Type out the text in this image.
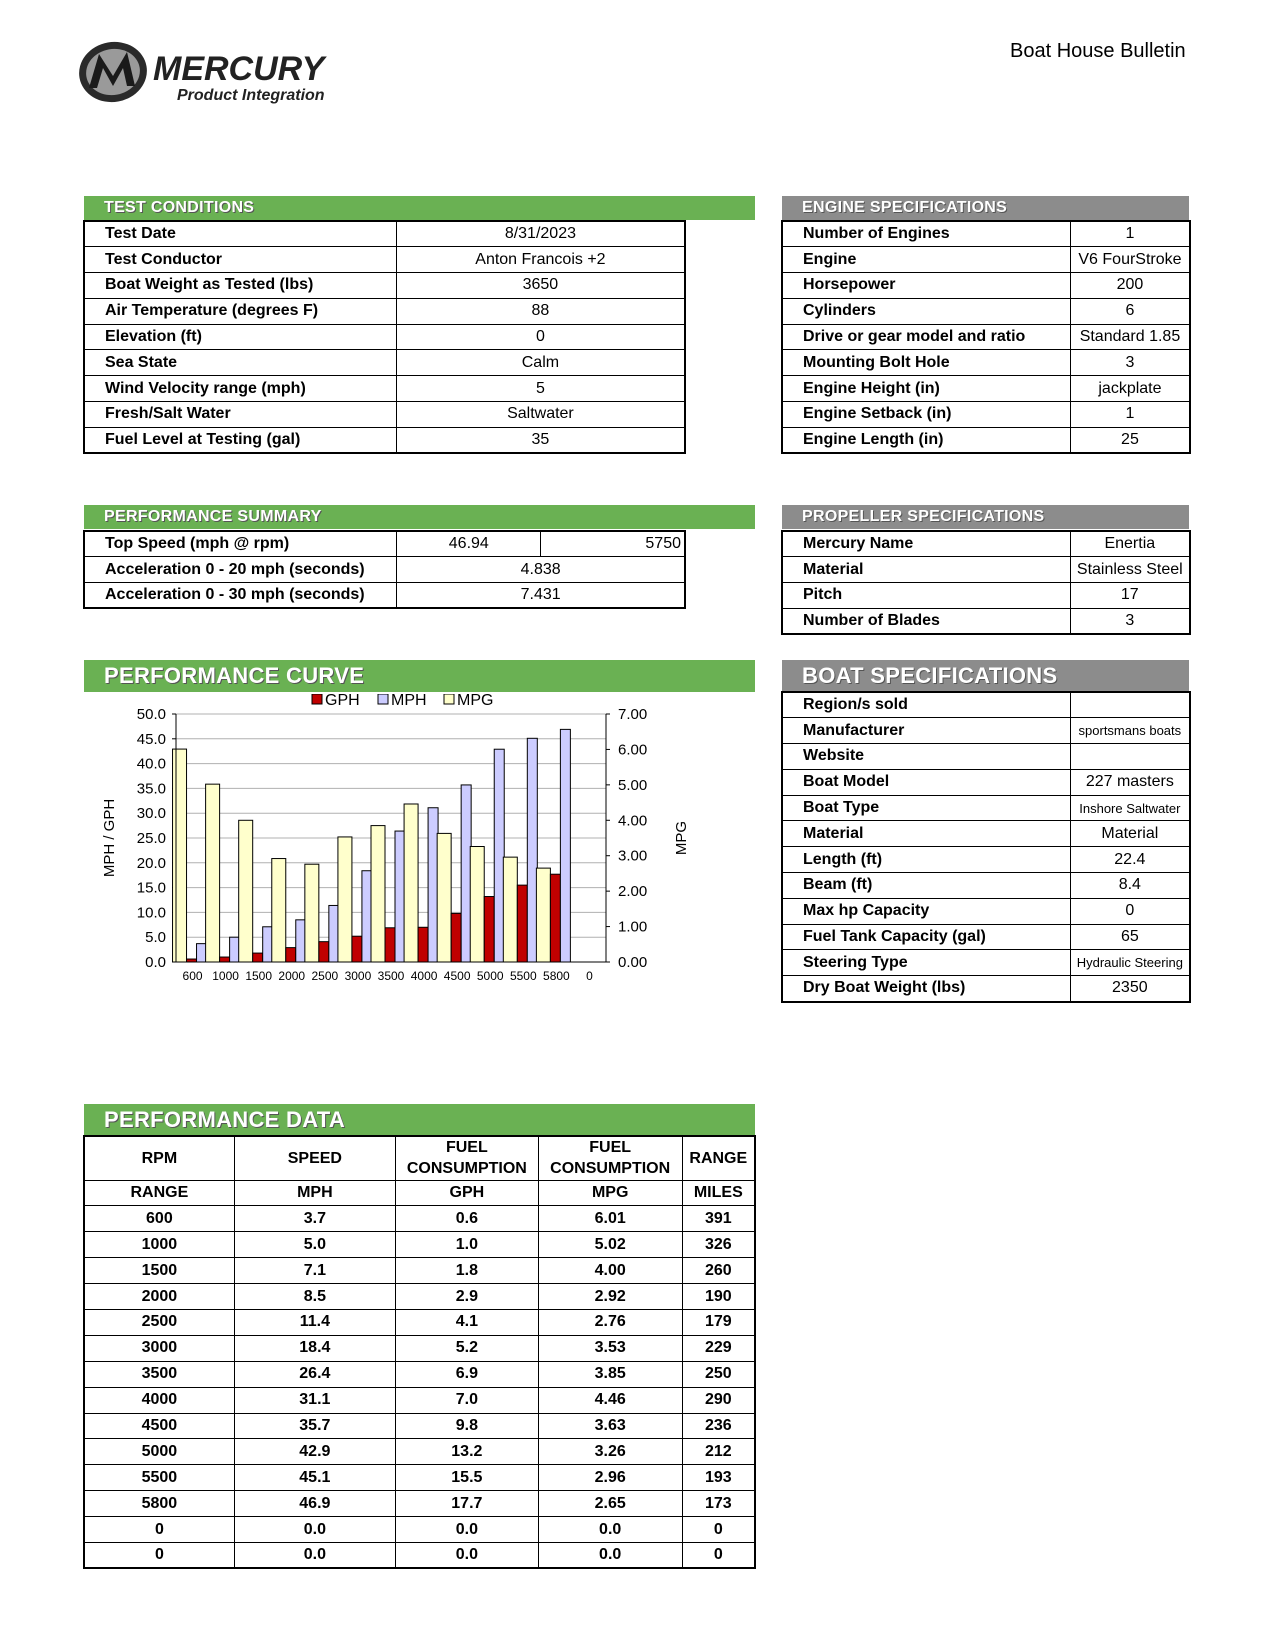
MERCURY
Product Integration
Boat House Bulletin
TEST CONDITIONS
Test Date	8/31/2023
Test Conductor	Anton Francois +2
Boat Weight as Tested (lbs)	3650
Air Temperature (degrees F)	88
Elevation (ft)	0
Sea State	Calm
Wind Velocity range (mph)	5
Fresh/Salt Water	Saltwater
Fuel Level at Testing (gal)	35
ENGINE SPECIFICATIONS
Number of Engines	1
Engine	V6 FourStroke
Horsepower	200
Cylinders	6
Drive or gear model and ratio	Standard 1.85
Mounting Bolt Hole	3
Engine Height (in)	jackplate
Engine Setback (in)	1
Engine Length (in)	25
PERFORMANCE SUMMARY
Top Speed (mph @ rpm)	46.94	5750
Acceleration 0 - 20 mph (seconds)	4.838	
Acceleration 0 - 30 mph (seconds)	7.431	
PROPELLER SPECIFICATIONS
Mercury Name	Enertia
Material	Stainless Steel
Pitch	17
Number of Blades	3
PERFORMANCE CURVE
50.0
45.0
40.0
35.0
30.0
25.0
20.0
15.0
10.0
5.0
0.0
7.00
6.00
5.00
4.00
3.00
2.00
1.00
0.00
600 1000 1500 2000 2500 3000 3500 4000 4500 5000 5500 5800 0
MPH / GPH	MPG
GPH MPH MPG
BOAT SPECIFICATIONS
Region/s sold	
Manufacturer	sportsmans boats
Website	
Boat Model	227 masters
Boat Type	Inshore Saltwater
Material	Material
Length (ft)	22.4
Beam (ft)	8.4
Max hp Capacity	0
Fuel Tank Capacity (gal)	65
Steering Type	Hydraulic Steering
Dry Boat Weight (lbs)	2350
PERFORMANCE DATA
RPM	SPEED	FUEL CONSUMPTION	FUEL CONSUMPTION	RANGE
RANGE	MPH	GPH	MPG	MILES
600	3.7	0.6	6.01	391
1000	5.0	1.0	5.02	326
1500	7.1	1.8	4.00	260
2000	8.5	2.9	2.92	190
2500	11.4	4.1	2.76	179
3000	18.4	5.2	3.53	229
3500	26.4	6.9	3.85	250
4000	31.1	7.0	4.46	290
4500	35.7	9.8	3.63	236
5000	42.9	13.2	3.26	212
5500	45.1	15.5	2.96	193
5800	46.9	17.7	2.65	173
0	0.0	0.0	0.0	0
0	0.0	0.0	0.0	0
